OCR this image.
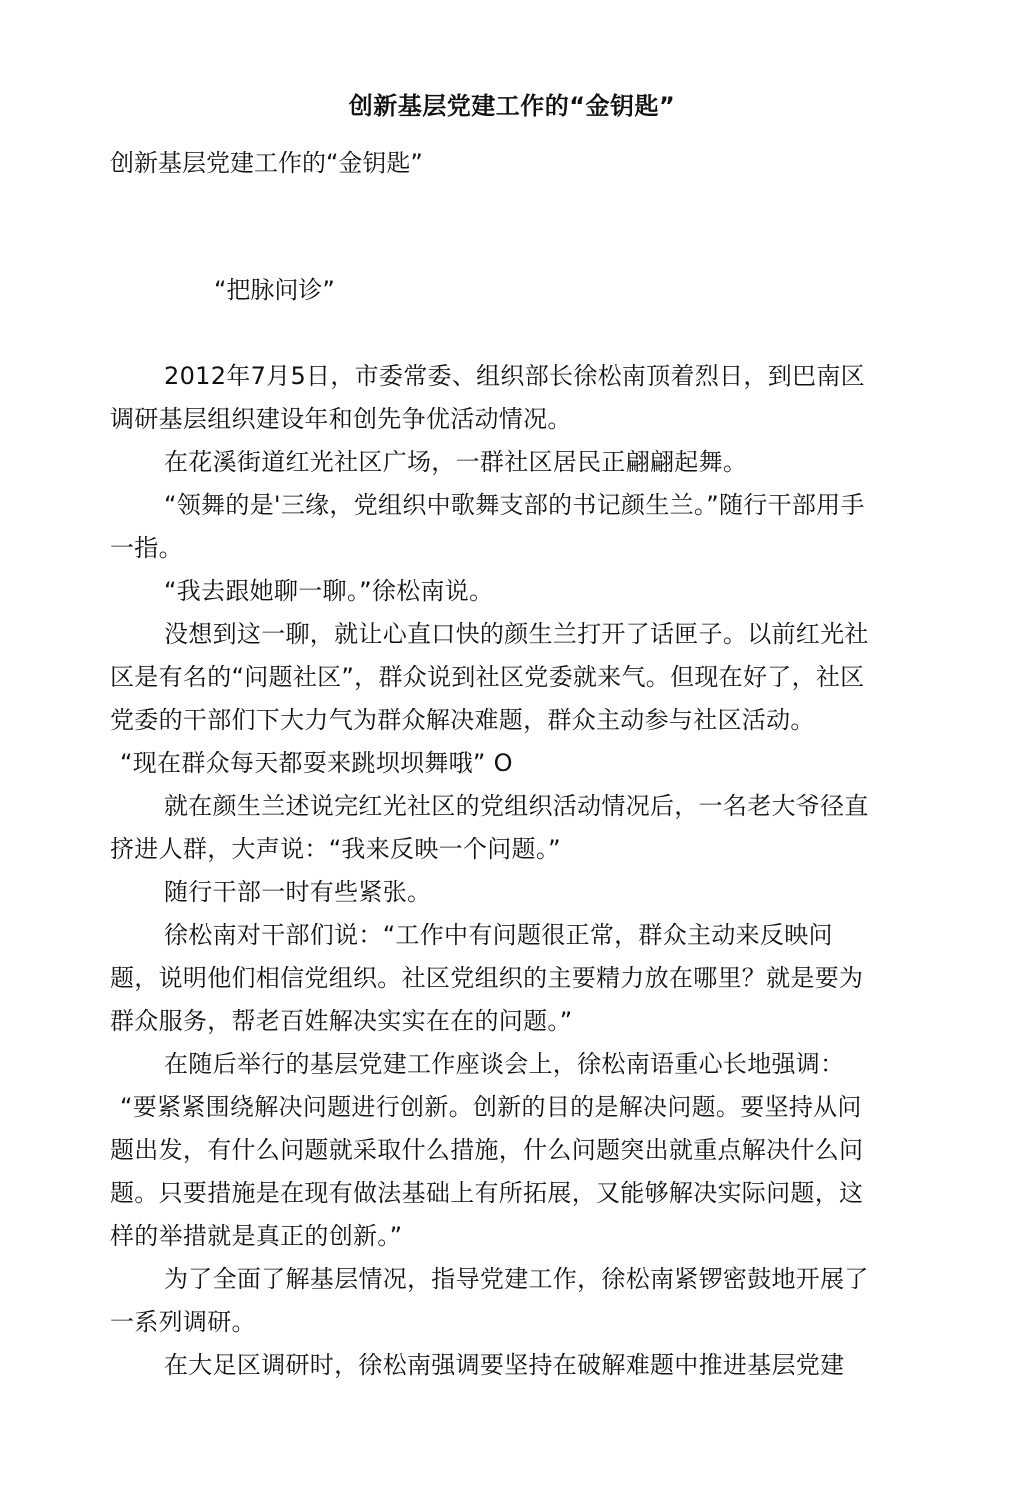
创新基层党建工作的“金钥匙”
创新基层党建工作的“金钥匙”
“把脉问诊”

2012年7月5日，市委常委、组织部长徐松南顶着烈日，到巴南区调研基层组织建设年和创先争优活动情况。

在花溪街道红光社区广场，一群社区居民正翩翩起舞。

“领舞的是'三缘，党组织中歌舞支部的书记颜生兰。”随行干部用手一指。

“我去跟她聊一聊。”徐松南说。

没想到这一聊，就让心直口快的颜生兰打开了话匣子。以前红光社区是有名的“问题社区”，群众说到社区党委就来气。但现在好了，社区党委的干部们下大力气为群众解决难题，群众主动参与社区活动。

“现在群众每天都耍来跳坝坝舞哦” O

就在颜生兰述说完红光社区的党组织活动情况后，一名老大爷径直挤进人群，大声说：“我来反映一个问题。”

随行干部一时有些紧张。

徐松南对干部们说：“工作中有问题很正常，群众主动来反映问题，说明他们相信党组织。社区党组织的主要精力放在哪里？就是要为群众服务，帮老百姓解决实实在在的问题。”

在随后举行的基层党建工作座谈会上，徐松南语重心长地强调：

“要紧紧围绕解决问题进行创新。创新的目的是解决问题。要坚持从问题出发，有什么问题就采取什么措施，什么问题突出就重点解决什么问题。只要措施是在现有做法基础上有所拓展，又能够解决实际问题，这样的举措就是真正的创新。”

为了全面了解基层情况，指导党建工作，徐松南紧锣密鼓地开展了一系列调研。

在大足区调研时，徐松南强调要坚持在破解难题中推进基层党建
